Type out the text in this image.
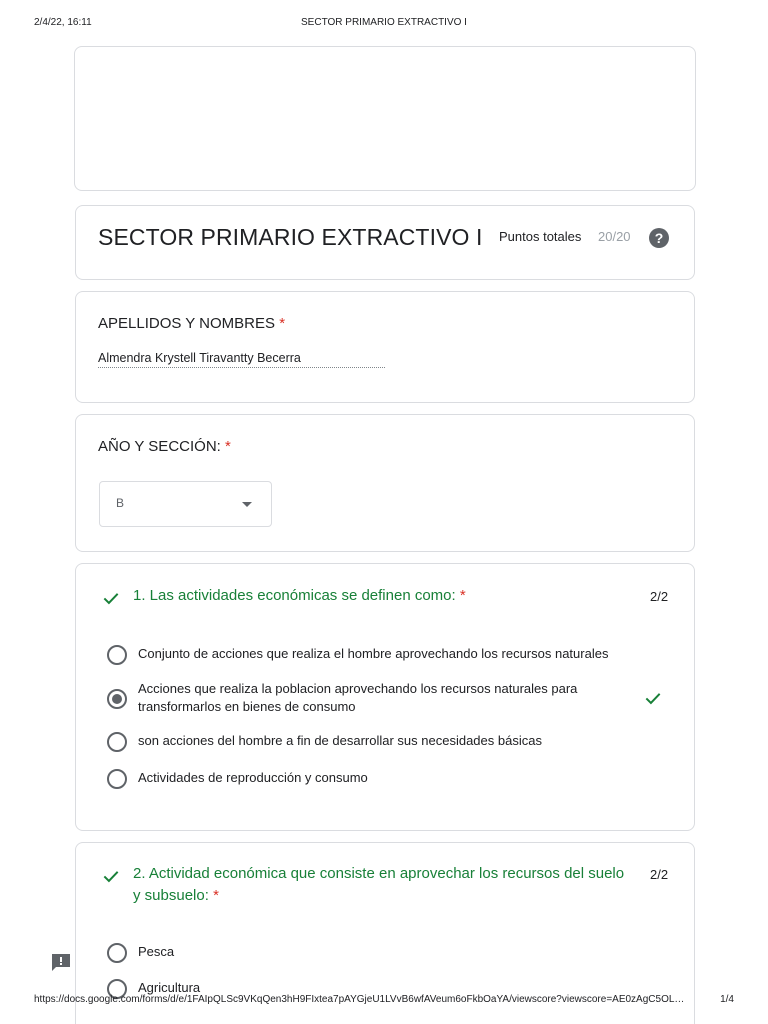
2/4/22, 16:11	SECTOR PRIMARIO EXTRACTIVO I
SECTOR PRIMARIO EXTRACTIVO I Puntos totales 20/20	?
APELLIDOS Y NOMBRES *
Almendra Krystell Tiravantty Becerra
AÑO Y SECCIÓN: *
B
1. Las actividades económicas se definen como: *	2/2
Conjunto de acciones que realiza el hombre aprovechando los recursos naturales
Acciones que realiza la poblacion aprovechando los recursos naturales para transformarlos en bienes de consumo
son acciones del hombre a fin de desarrollar sus necesidades básicas
Actividades de reproducción y consumo
2. Actividad económica que consiste en aprovechar los recursos del suelo y subsuelo: *
2/2
Pesca
Agricultura
https://docs.google.com/forms/d/e/1FAIpQLSc9VKqQen3hH9FIxtea7pAYGjeU1LVvB6wfAVeum6oFkbOaYA/viewscore?viewscore=AE0zAgC5OL…	1/4
